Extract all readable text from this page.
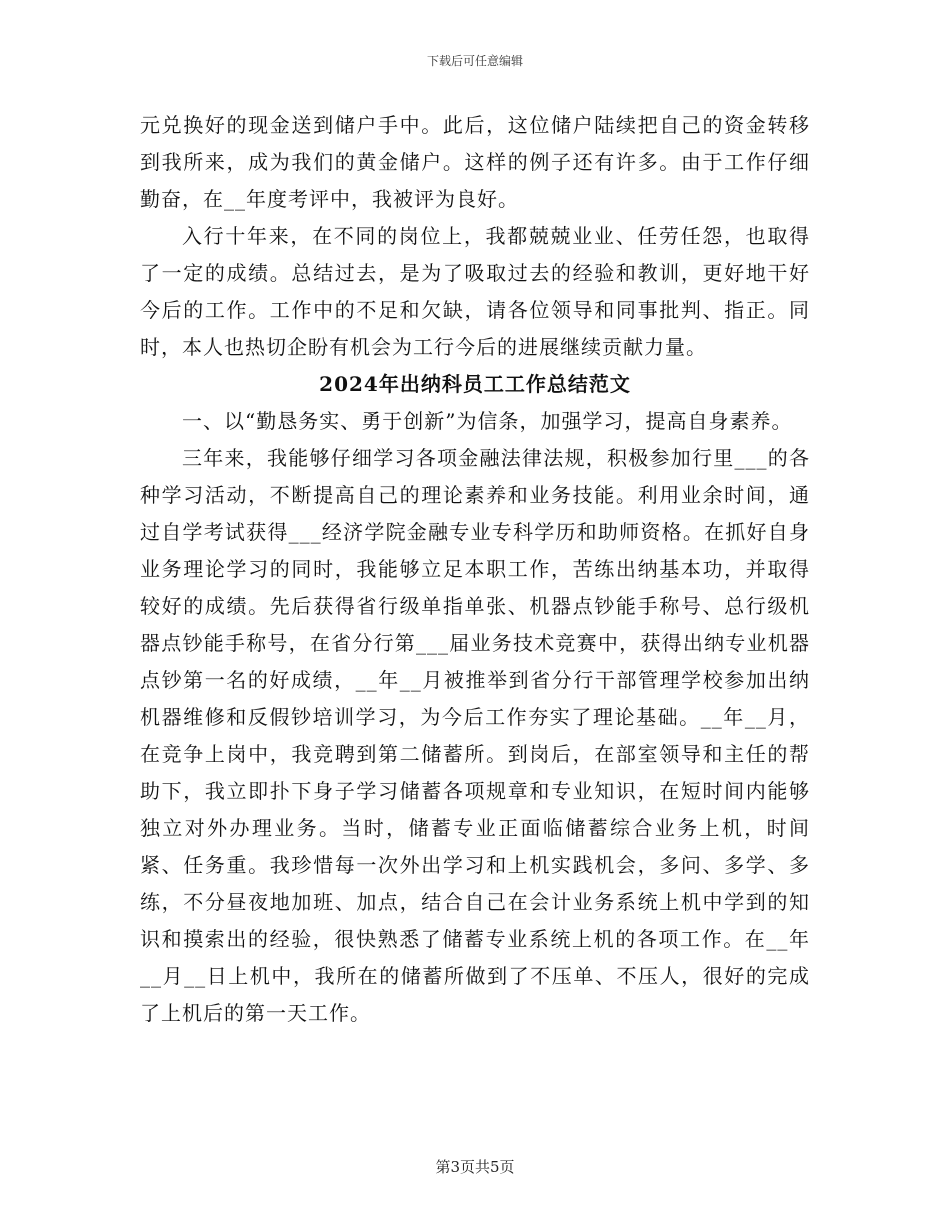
下载后可任意编辑

元兑换好的现金送到储户手中。此后，这位储户陆续把自己的资金转移到我所来，成为我们的黄金储户。这样的例子还有许多。由于工作仔细勤奋，在__年度考评中，我被评为良好。

入行十年来，在不同的岗位上，我都兢兢业业、任劳任怨，也取得了一定的成绩。总结过去，是为了吸取过去的经验和教训，更好地干好今后的工作。工作中的不足和欠缺，请各位领导和同事批判、指正。同时，本人也热切企盼有机会为工行今后的进展继续贡献力量。

2024年出纳科员工工作总结范文

一、以“勤恳务实、勇于创新”为信条，加强学习，提高自身素养。

三年来，我能够仔细学习各项金融法律法规，积极参加行里___的各种学习活动，不断提高自己的理论素养和业务技能。利用业余时间，通过自学考试获得___经济学院金融专业专科学历和助师资格。在抓好自身业务理论学习的同时，我能够立足本职工作，苦练出纳基本功，并取得较好的成绩。先后获得省行级单指单张、机器点钞能手称号、总行级机器点钞能手称号，在省分行第___届业务技术竞赛中，获得出纳专业机器点钞第一名的好成绩，__年__月被推举到省分行干部管理学校参加出纳机器维修和反假钞培训学习，为今后工作夯实了理论基础。__年__月，在竞争上岗中，我竞聘到第二储蓄所。到岗后，在部室领导和主任的帮助下，我立即扑下身子学习储蓄各项规章和专业知识，在短时间内能够独立对外办理业务。当时，储蓄专业正面临储蓄综合业务上机，时间紧、任务重。我珍惜每一次外出学习和上机实践机会，多问、多学、多练，不分昼夜地加班、加点，结合自己在会计业务系统上机中学到的知识和摸索出的经验，很快熟悉了储蓄专业系统上机的各项工作。在__年__月__日上机中，我所在的储蓄所做到了不压单、不压人，很好的完成了上机后的第一天工作。

第3页共5页
